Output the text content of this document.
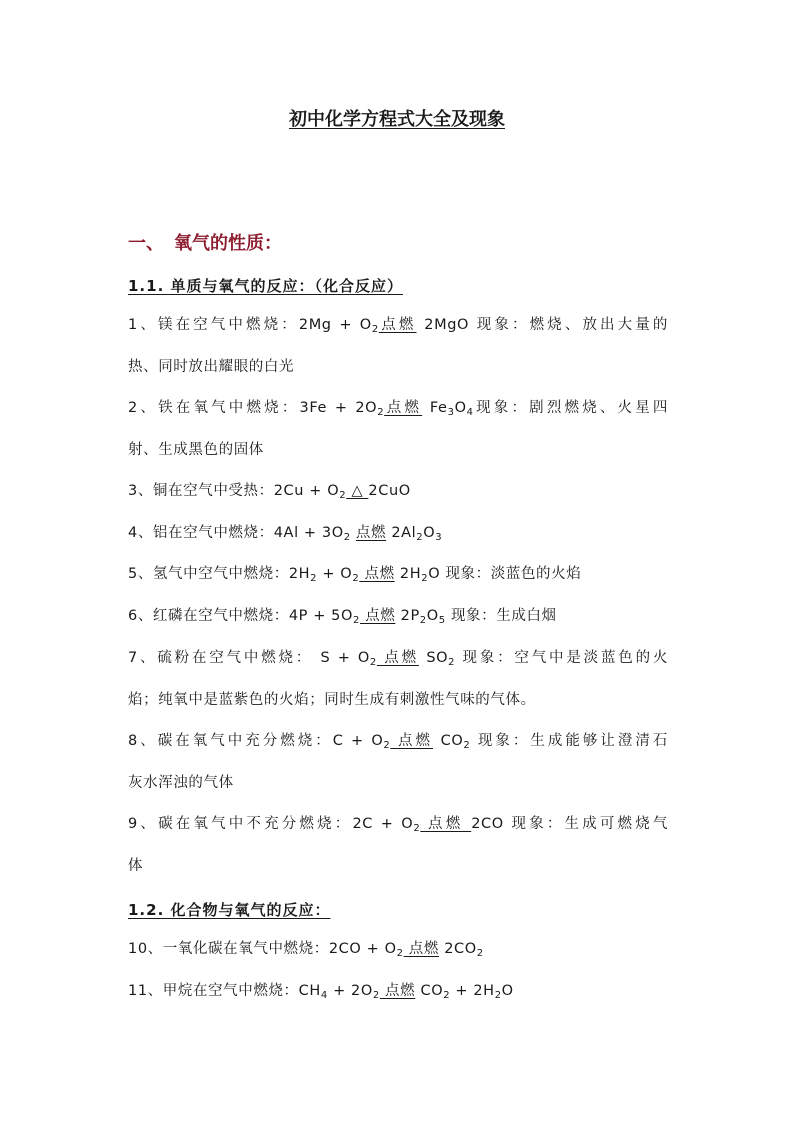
初中化学方程式大全及现象
一、 氧气的性质：
1.1. 单质与氧气的反应：（化合反应）
1、镁在空气中燃烧：$2Mg + O_2$点燃 2MgO 现象：燃烧、放出大量的
热、同时放出耀眼的白光
2、铁在氧气中燃烧：$3Fe + 2O_2$点燃 $Fe_3O_4$现象：剧烈燃烧、火星四
射、生成黑色的固体
3、铜在空气中受热：$2Cu + O_2$ △ 2CuO
4、铝在空气中燃烧：$4Al + 3O_2$ 点燃 $2Al_2O_3$
5、氢气中空气中燃烧：$2H_2 + O_2$ 点燃 $2H_2O$ 现象：淡蓝色的火焰
6、红磷在空气中燃烧：$4P + 5O_2$ 点燃 $2P_2O_5$ 现象：生成白烟
7、硫粉在空气中燃烧： $S + O_2$ 点燃 $SO_2$ 现象：空气中是淡蓝色的火
焰；纯氧中是蓝紫色的火焰；同时生成有刺激性气味的气体。
8、碳在氧气中充分燃烧：$C + O_2$ 点燃 $CO_2$ 现象：生成能够让澄清石
灰水浑浊的气体
9、碳在氧气中不充分燃烧：$2C + O_2$ 点燃 2CO 现象：生成可燃烧气
体
1.2. 化合物与氧气的反应：
10、一氧化碳在氧气中燃烧：$2CO + O_2$ 点燃 $2CO_2$
11、甲烷在空气中燃烧：$CH_4 + 2O_2$ 点燃 $CO_2 + 2H_2O$
